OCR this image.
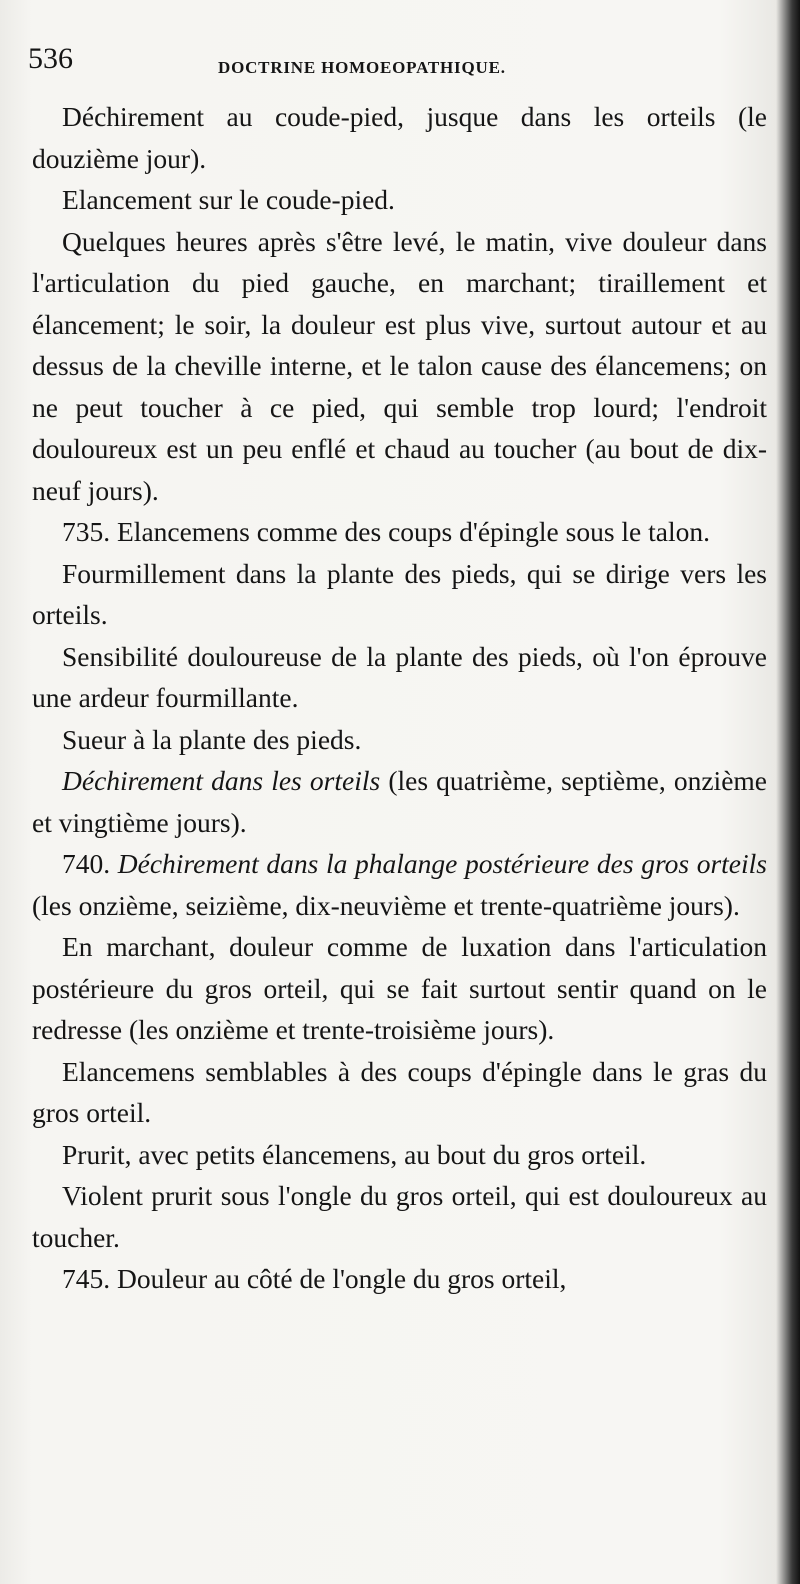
536	DOCTRINE HOMOEOPATHIQUE.

Déchirement au coude-pied, jusque dans les orteils (le douzième jour).

Elancement sur le coude-pied.

Quelques heures après s'être levé, le matin, vive douleur dans l'articulation du pied gauche, en marchant; tiraillement et élancement; le soir, la douleur est plus vive, surtout autour et au dessus de la cheville interne, et le talon cause des élancemens; on ne peut toucher à ce pied, qui semble trop lourd; l'endroit douloureux est un peu enflé et chaud au toucher (au bout de dix-neuf jours).

735. Elancemens comme des coups d'épingle sous le talon.

Fourmillement dans la plante des pieds, qui se dirige vers les orteils.

Sensibilité douloureuse de la plante des pieds, où l'on éprouve une ardeur fourmillante.

Sueur à la plante des pieds.

Déchirement dans les orteils (les quatrième, septième, onzième et vingtième jours).

740. Déchirement dans la phalange postérieure des gros orteils (les onzième, seizième, dix-neuvième et trente-quatrième jours).

En marchant, douleur comme de luxation dans l'articulation postérieure du gros orteil, qui se fait surtout sentir quand on le redresse (les onzième et trente-troisième jours).

Elancemens semblables à des coups d'épingle dans le gras du gros orteil.

Prurit, avec petits élancemens, au bout du gros orteil.

Violent prurit sous l'ongle du gros orteil, qui est douloureux au toucher.

745. Douleur au côté de l'ongle du gros orteil,
